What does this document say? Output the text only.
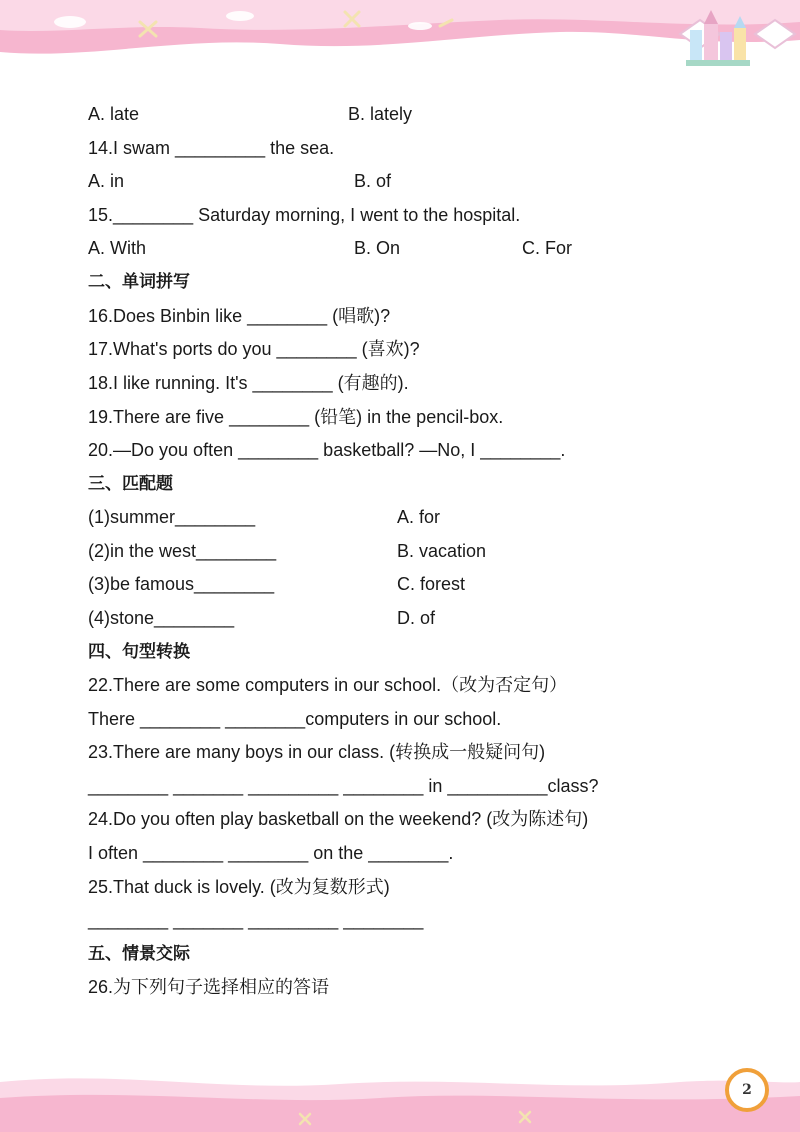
A. late	B. lately
14.I swam _________ the sea.
A. in	B. of
15.________ Saturday morning, I went to the hospital.
A. With	B. On	C. For
二、单词拼写
16.Does Binbin like ________ (唱歌)?
17.What's ports do you ________ (喜欢)?
18.I like running. It's ________ (有趣的).
19.There are five ________ (铅笔) in the pencil-box.
20.—Do you often ________ basketball? —No, I ________.
三、匹配题
(1)summer________	A. for
(2)in the west________	B. vacation
(3)be famous________	C. forest
(4)stone________	D. of
四、句型转换
22.There are some computers in our school.（改为否定句）
There ________ ________computers in our school.
23.There are many boys in our class. (转换成一般疑问句)
________ _______ _________ ________ in __________class?
24.Do you often play basketball on the weekend? (改为陈述句)
I often ________ ________ on the ________.
25.That duck is lovely. (改为复数形式)
________ _______ _________ ________
五、情景交际
26.为下列句子选择相应的答语
2
